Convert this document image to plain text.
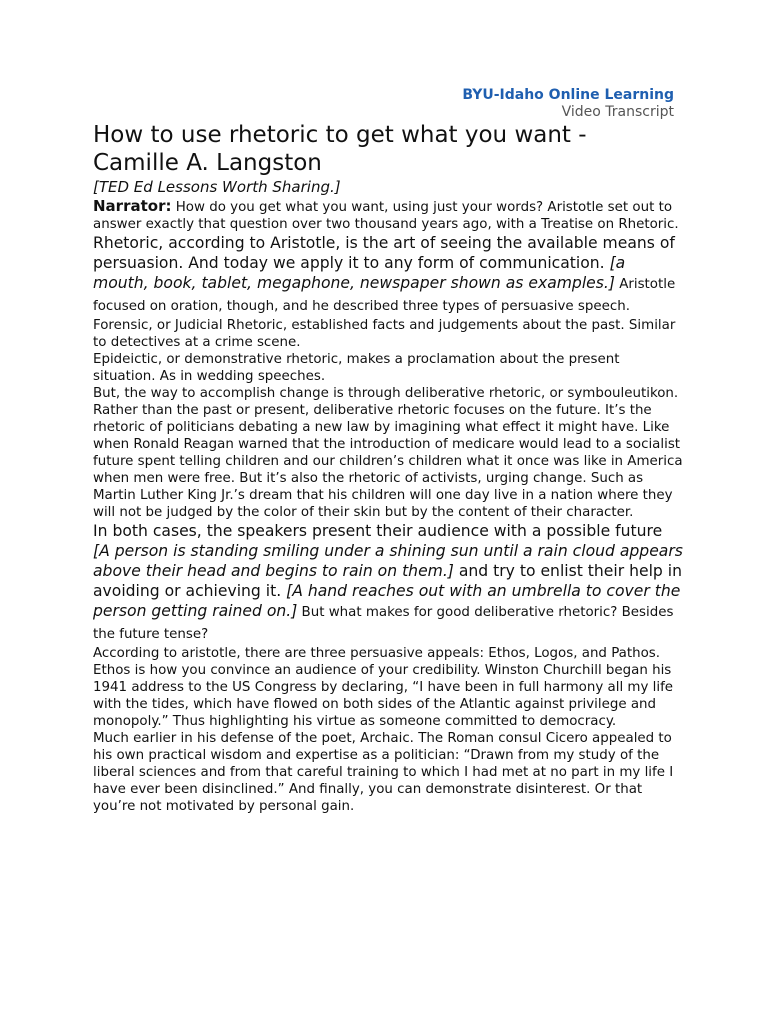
BYU-Idaho Online Learning
Video Transcript
How to use rhetoric to get what you want -
Camille A. Langston

[TED Ed Lessons Worth Sharing.]

Narrator: How do you get what you want, using just your words? Aristotle set out to answer exactly that question over two thousand years ago, with a Treatise on Rhetoric.

Rhetoric, according to Aristotle, is the art of seeing the available means of persuasion. And today we apply it to any form of communication. [a mouth, book, tablet, megaphone, newspaper shown as examples.] Aristotle focused on oration, though, and he described three types of persuasive speech.

Forensic, or Judicial Rhetoric, established facts and judgements about the past. Similar to detectives at a crime scene.

Epideictic, or demonstrative rhetoric, makes a proclamation about the present situation. As in wedding speeches.

But, the way to accomplish change is through deliberative rhetoric, or symbouleutikon. Rather than the past or present, deliberative rhetoric focuses on the future. It’s the rhetoric of politicians debating a new law by imagining what effect it might have. Like when Ronald Reagan warned that the introduction of medicare would lead to a socialist future spent telling children and our children’s children what it once was like in America when men were free. But it’s also the rhetoric of activists, urging change. Such as Martin Luther King Jr.’s dream that his children will one day live in a nation where they will not be judged by the color of their skin but by the content of their character.

In both cases, the speakers present their audience with a possible future [A person is standing smiling under a shining sun until a rain cloud appears above their head and begins to rain on them.] and try to enlist their help in avoiding or achieving it. [A hand reaches out with an umbrella to cover the person getting rained on.] But what makes for good deliberative rhetoric? Besides the future tense?

According to aristotle, there are three persuasive appeals: Ethos, Logos, and Pathos. Ethos is how you convince an audience of your credibility. Winston Churchill began his 1941 address to the US Congress by declaring, “I have been in full harmony all my life with the tides, which have flowed on both sides of the Atlantic against privilege and monopoly.” Thus highlighting his virtue as someone committed to democracy.

Much earlier in his defense of the poet, Archaic. The Roman consul Cicero appealed to his own practical wisdom and expertise as a politician: “Drawn from my study of the liberal sciences and from that careful training to which I had met at no part in my life I have ever been disinclined.” And finally, you can demonstrate disinterest. Or that you’re not motivated by personal gain.
